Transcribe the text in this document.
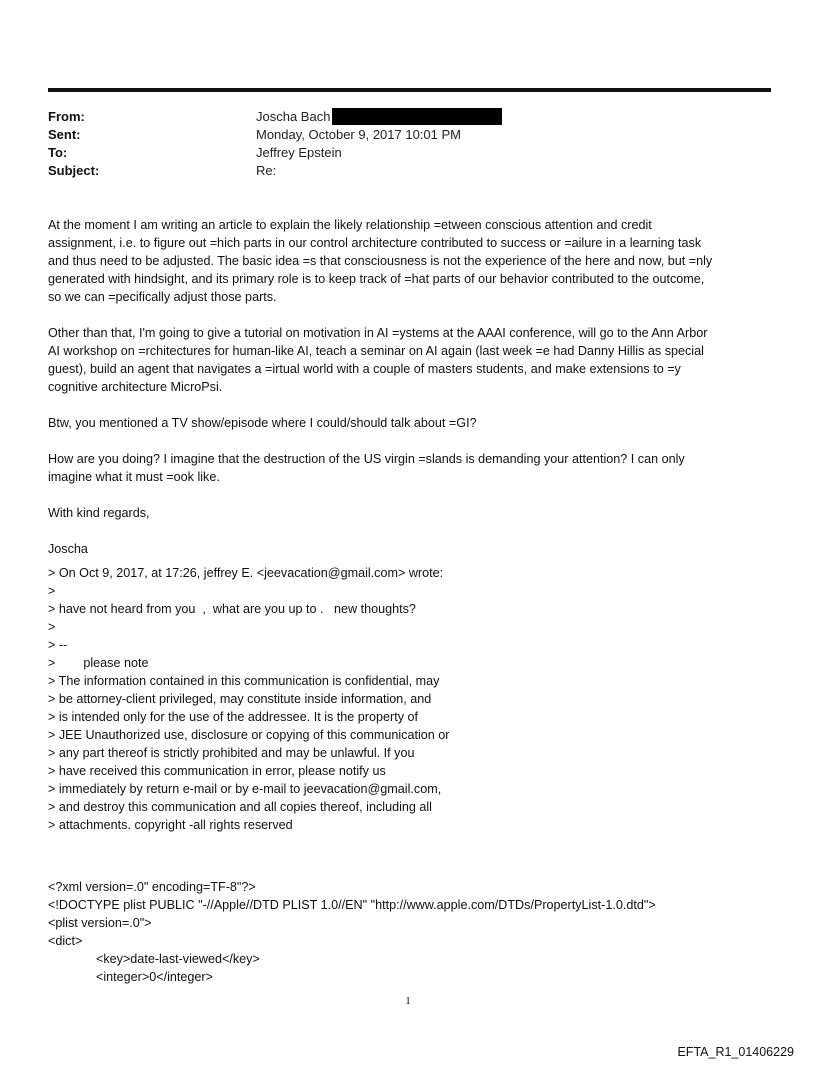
From:	Joscha Bach
Sent:	Monday, October 9, 2017 10:01 PM
To:	Jeffrey Epstein
Subject:	Re:
At the moment I am writing an article to explain the likely relationship =etween conscious attention and credit
assignment, i.e. to figure out =hich parts in our control architecture contributed to success or =ailure in a learning task
and thus need to be adjusted. The basic idea =s that consciousness is not the experience of the here and now, but =nly
generated with hindsight, and its primary role is to keep track of =hat parts of our behavior contributed to the outcome,
so we can =pecifically adjust those parts.
Other than that, I'm going to give a tutorial on motivation in AI =ystems at the AAAI conference, will go to the Ann Arbor
AI workshop on =rchitectures for human-like AI, teach a seminar on AI again (last week =e had Danny Hillis as special
guest), build an agent that navigates a =irtual world with a couple of masters students, and make extensions to =y
cognitive architecture MicroPsi.
Btw, you mentioned a TV show/episode where I could/should talk about =GI?
How are you doing? I imagine that the destruction of the US virgin =slands is demanding your attention? I can only
imagine what it must =ook like.
With kind regards,
Joscha
> On Oct 9, 2017, at 17:26, jeffrey E. <jeevacation@gmail.com> wrote:
>
> have not heard from you  ,  what are you up to .   new thoughts?
>
> --
>        please note
> The information contained in this communication is confidential, may
> be attorney-client privileged, may constitute inside information, and
> is intended only for the use of the addressee. It is the property of
> JEE Unauthorized use, disclosure or copying of this communication or
> any part thereof is strictly prohibited and may be unlawful. If you
> have received this communication in error, please notify us
> immediately by return e-mail or by e-mail to jeevacation@gmail.com,
> and destroy this communication and all copies thereof, including all
> attachments. copyright -all rights reserved
<?xml version=.0" encoding=TF-8"?>
<!DOCTYPE plist PUBLIC "-//Apple//DTD PLIST 1.0//EN" "http://www.apple.com/DTDs/PropertyList-1.0.dtd">
<plist version=.0">
<dict>
<key>date-last-viewed</key>
<integer>0</integer>
1
EFTA_R1_01406229
